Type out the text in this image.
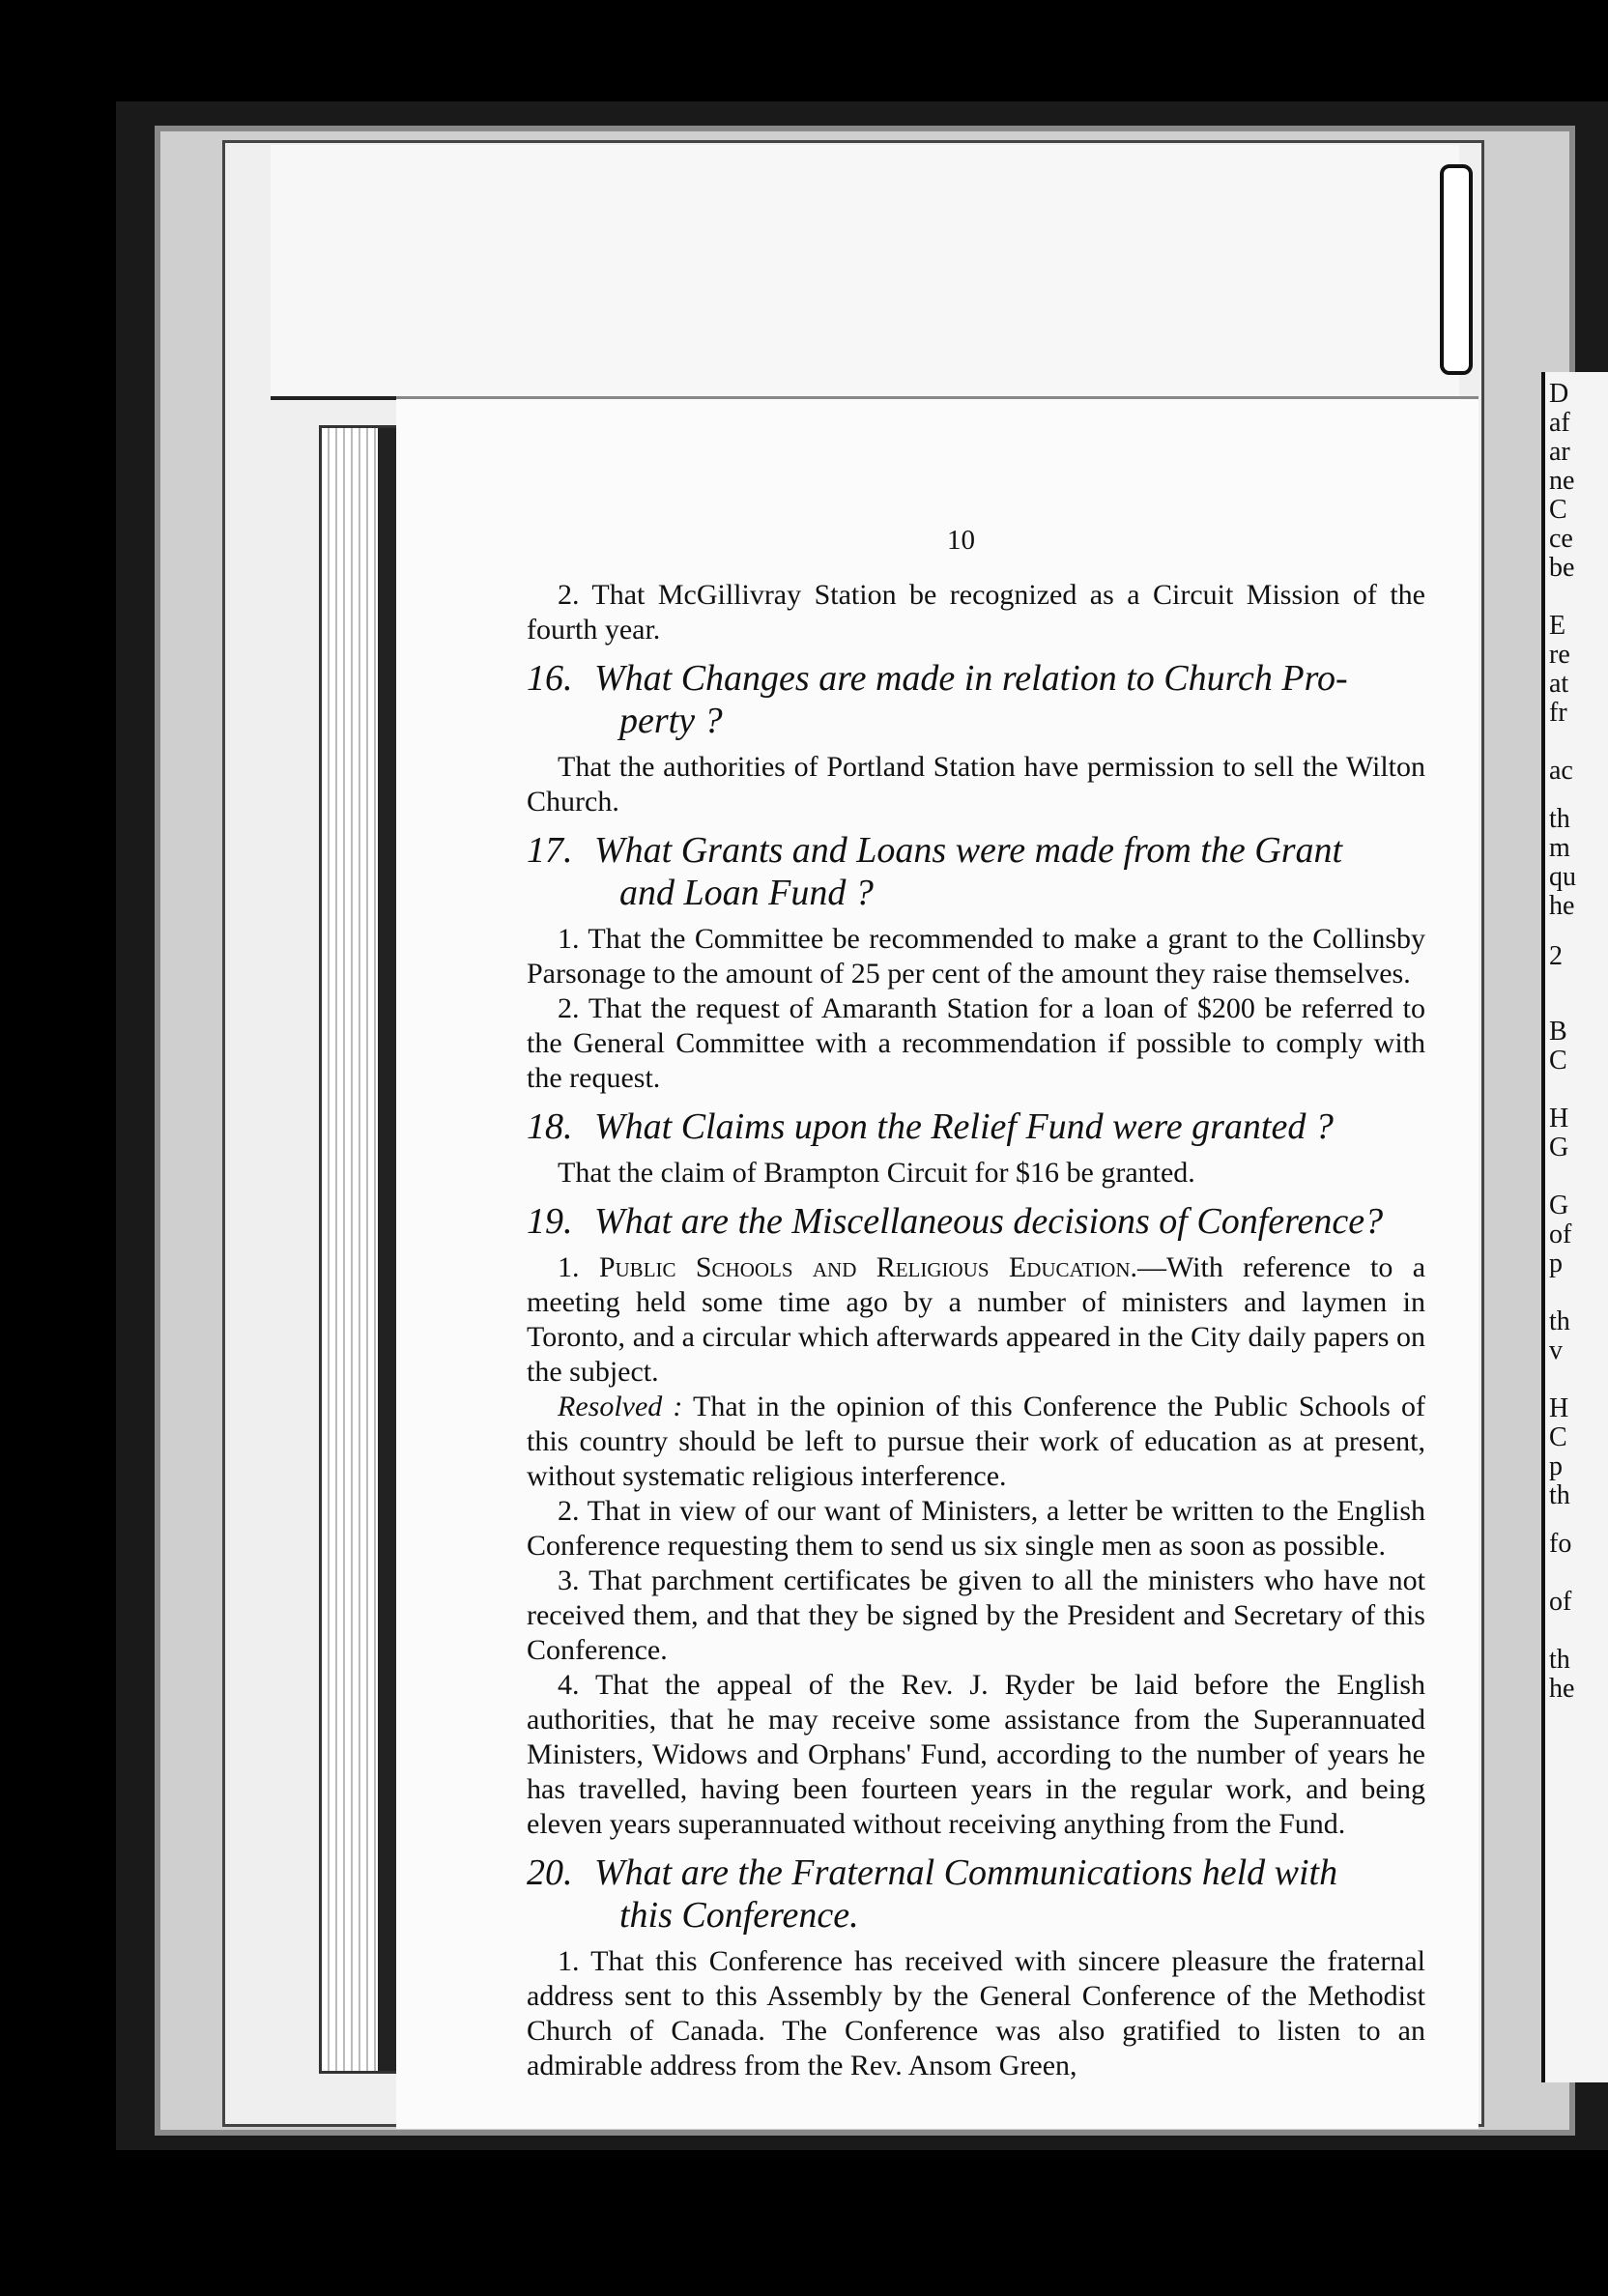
D
af
ar
ne
C
ce
be
E
re
at
fr
ac
th
m
qu
he
2
B
C
H
G
G
of
p
th
v
H
C
p
th
fo
of
th
he
10

2. That McGillivray Station be recognized as a Circuit Mission of the fourth year.

16. What Changes are made in relation to Church Pro-
perty ?

That the authorities of Portland Station have permission to sell the Wilton Church.

17. What Grants and Loans were made from the Grant
and Loan Fund ?

1. That the Committee be recommended to make a grant to the Collinsby Parsonage to the amount of 25 per cent of the amount they raise themselves.

2. That the request of Amaranth Station for a loan of $200 be referred to the General Committee with a recommendation if possible to comply with the request.

18. What Claims upon the Relief Fund were granted ?

That the claim of Brampton Circuit for $16 be granted.

19. What are the Miscellaneous decisions of Conference?

1. Public Schools and Religious Education.—With reference to a meeting held some time ago by a number of ministers and laymen in Toronto, and a circular which afterwards appeared in the City daily papers on the subject.

Resolved : That in the opinion of this Conference the Public Schools of this country should be left to pursue their work of education as at present, without systematic religious interference.

2. That in view of our want of Ministers, a letter be written to the English Conference requesting them to send us six single men as soon as possible.

3. That parchment certificates be given to all the ministers who have not received them, and that they be signed by the President and Secretary of this Conference.

4. That the appeal of the Rev. J. Ryder be laid before the English authorities, that he may receive some assistance from the Superannuated Ministers, Widows and Orphans' Fund, according to the number of years he has travelled, having been fourteen years in the regular work, and being eleven years superannuated without receiving anything from the Fund.

20. What are the Fraternal Communications held with
this Conference.

1. That this Conference has received with sincere pleasure the fraternal address sent to this Assembly by the General Conference of the Methodist Church of Canada. The Conference was also gratified to listen to an admirable address from the Rev. Ansom Green,
